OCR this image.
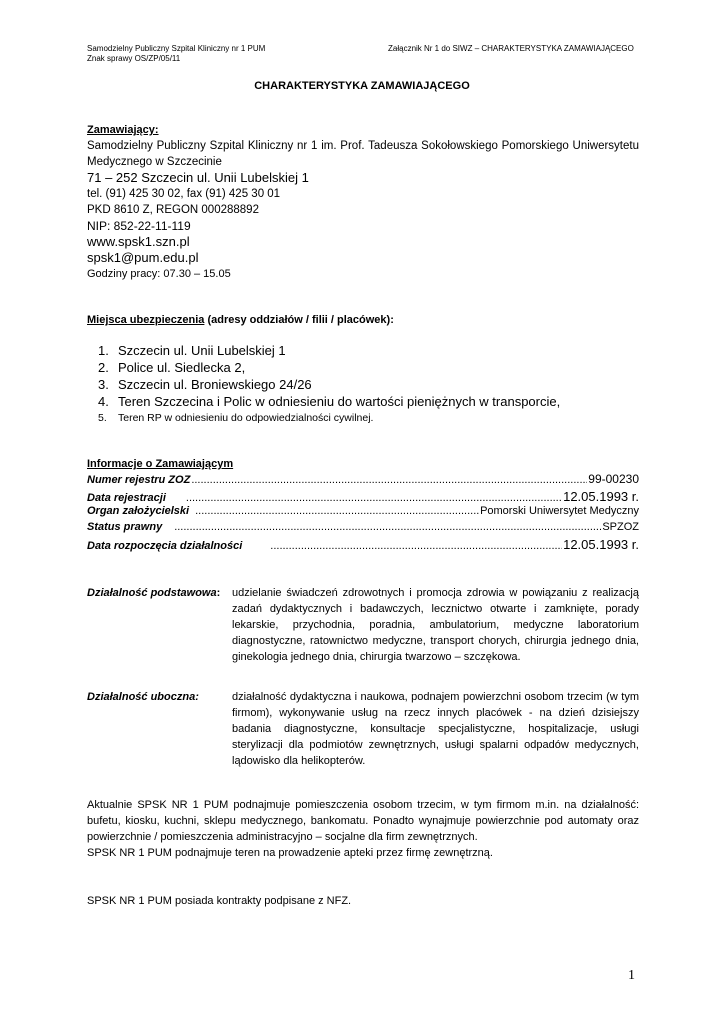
Samodzielny Publiczny Szpital Kliniczny nr 1 PUM
Znak sprawy OS/ZP/05/11
Załącznik Nr 1 do SIWZ – CHARAKTERYSTYKA ZAMAWIAJĄCEGO
CHARAKTERYSTYKA ZAMAWIAJĄCEGO
Zamawiający:
Samodzielny Publiczny Szpital Kliniczny nr 1 im. Prof. Tadeusza Sokołowskiego Pomorskiego Uniwersytetu Medycznego w Szczecinie
71 – 252 Szczecin ul. Unii Lubelskiej 1
tel. (91) 425 30 02, fax (91) 425 30 01
PKD 8610 Z, REGON 000288892
NIP: 852-22-11-119
www.spsk1.szn.pl
spsk1@pum.edu.pl
Godziny pracy: 07.30 – 15.05
Miejsca ubezpieczenia (adresy oddziałów / filii / placówek):
1. Szczecin ul. Unii Lubelskiej 1
2. Police ul. Siedlecka 2,
3. Szczecin ul. Broniewskiego 24/26
4. Teren Szczecina i Polic w odniesieniu do wartości pieniężnych w transporcie,
5.	Teren RP w odniesieniu do odpowiedzialności cywilnej.
Informacje o Zamawiającym
Numer rejestru ZOZ .....	99-00230
Data rejestracji .....	12.05.1993 r.
Organ założycielski .....	Pomorski Uniwersytet Medyczny
Status prawny .....	SPZOZ
Data rozpoczęcia działalności .....	12.05.1993 r.
Działalność podstawowa:	udzielanie świadczeń zdrowotnych i promocja zdrowia w powiązaniu z realizacją zadań dydaktycznych i badawczych, lecznictwo otwarte i zamknięte, porady lekarskie, przychodnia, poradnia, ambulatorium, medyczne laboratorium diagnostyczne, ratownictwo medyczne, transport chorych, chirurgia jednego dnia, ginekologia jednego dnia, chirurgia twarzowo – szczękowa.
Działalność uboczna:	działalność dydaktyczna i naukowa, podnajem powierzchni osobom trzecim (w tym firmom), wykonywanie usług na rzecz innych placówek - na dzień dzisiejszy badania diagnostyczne, konsultacje specjalistyczne, hospitalizacje, usługi sterylizacji dla podmiotów zewnętrznych, usługi spalarni odpadów medycznych, lądowisko dla helikopterów.
Aktualnie SPSK NR 1 PUM podnajmuje pomieszczenia osobom trzecim, w tym firmom m.in. na działalność: bufetu, kiosku, kuchni, sklepu medycznego, bankomatu. Ponadto wynajmuje powierzchnie pod automaty oraz powierzchnie / pomieszczenia administracyjno – socjalne dla firm zewnętrznych.
SPSK NR 1 PUM podnajmuje teren na prowadzenie apteki przez firmę zewnętrzną.
SPSK NR 1 PUM posiada kontrakty podpisane z NFZ.
1
